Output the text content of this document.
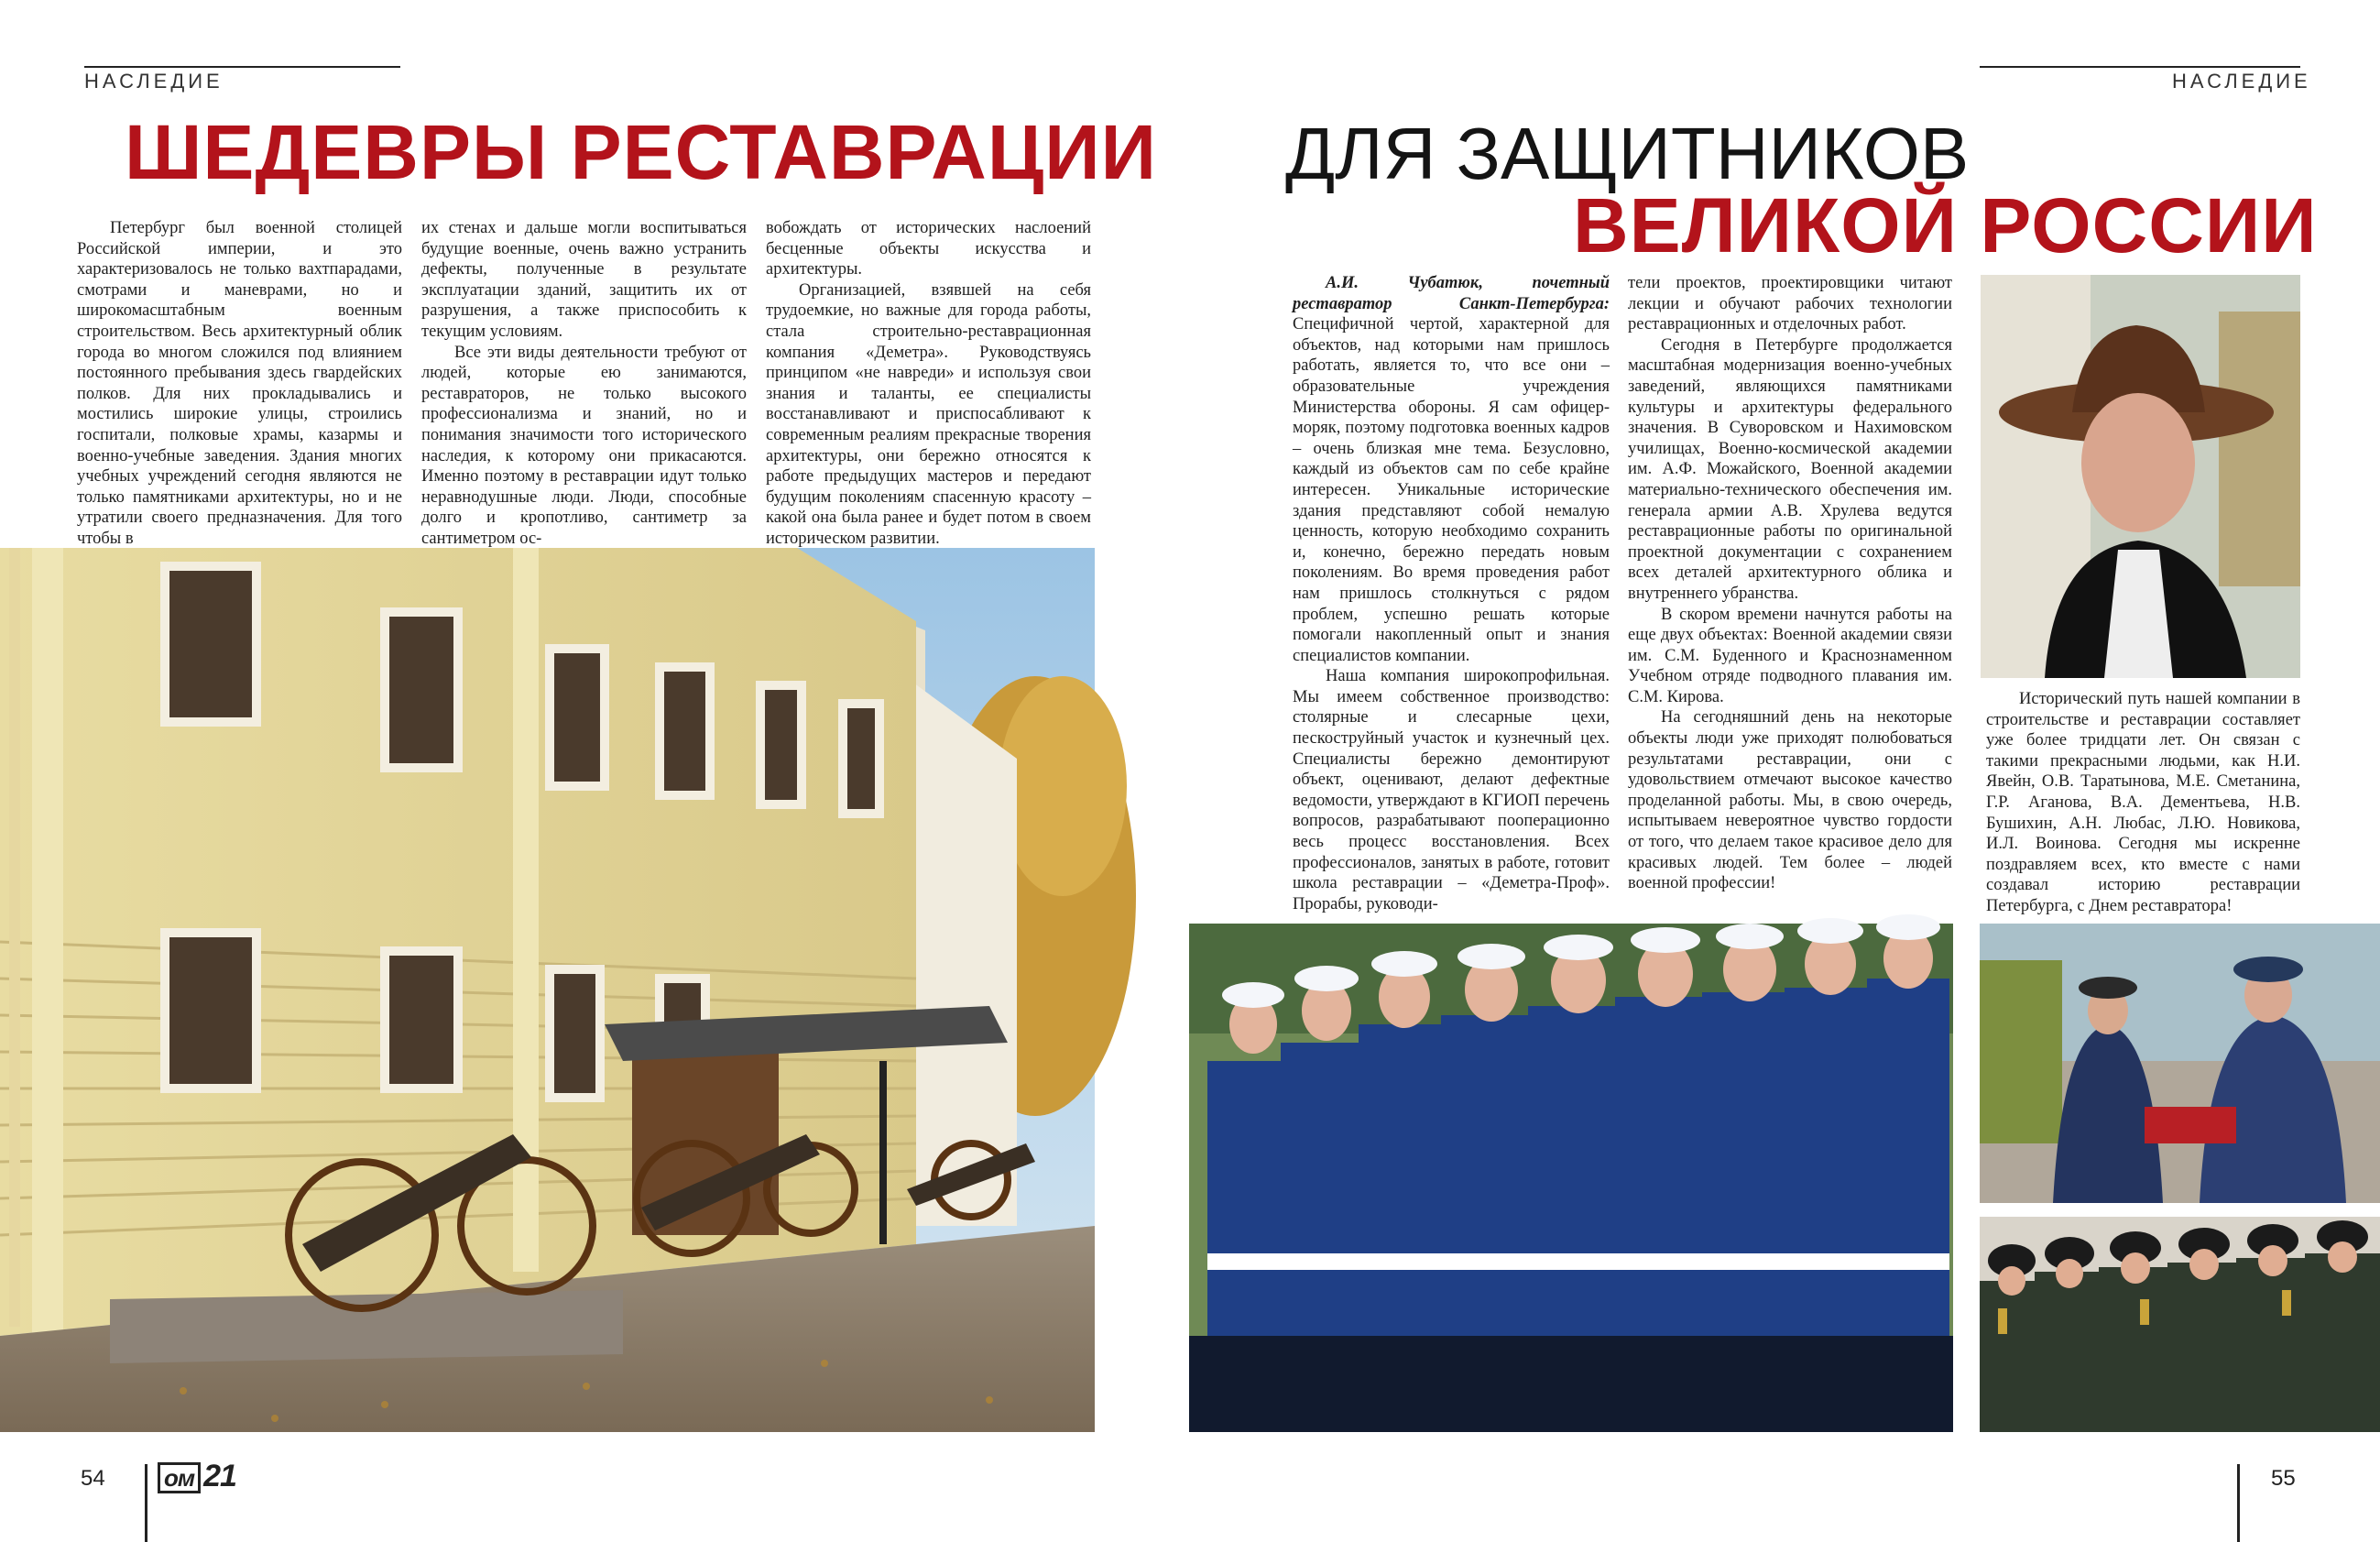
НАСЛЕДИЕ
ШЕДЕВРЫ РЕСТАВРАЦИИ

Петербург был военной столицей Российской империи, и это характеризовалось не только вахтпарадами, смотрами и маневрами, но и широкомасштабным военным строительством. Весь архитектурный облик города во многом сложился под влиянием постоянного пребывания здесь гвардейских полков. Для них прокладывались и мостились широкие улицы, строились госпитали, полковые храмы, казармы и военно-учебные заведения. Здания многих учебных учреждений сегодня являются не только памятниками архитектуры, но и не утратили своего предназначения. Для того чтобы в

их стенах и дальше могли воспитываться будущие военные, очень важно устранить дефекты, полученные в результате эксплуатации зданий, защитить их от разрушения, а также приспособить к текущим условиям.

Все эти виды деятельности требуют от людей, которые ею занимаются, реставраторов, не только высокого профессионализма и знаний, но и понимания значимости того исторического наследия, к которому они прикасаются. Именно поэтому в реставрации идут только неравнодушные люди. Люди, способные долго и кропотливо, сантиметр за сантиметром ос-

вобождать от исторических наслоений бесценные объекты искусства и архитектуры.

Организацией, взявшей на себя трудоемкие, но важные для города работы, стала строительно-реставрационная компания «Деметра». Руководствуясь принципом «не навреди» и используя свои знания и таланты, ее специалисты восстанавливают и приспосабливают к современным реалиям прекрасные творения архитектуры, они бережно относятся к работе предыдущих мастеров и передают будущим поколениям спасенную красоту – какой она была ранее и будет потом в своем историческом развитии.

54 ом 21
НАСЛЕДИЕ
ДЛЯ ЗАЩИТНИКОВ
ВЕЛИКОЙ РОССИИ

А.И. Чубатюк, почетный реставратор Санкт-Петербурга: Специфичной чертой, характерной для объектов, над которыми нам пришлось работать, является то, что все они – образовательные учреждения Министерства обороны. Я сам офицер-моряк, поэтому подготовка военных кадров – очень близкая мне тема. Безусловно, каждый из объектов сам по себе крайне интересен. Уникальные исторические здания представляют собой немалую ценность, которую необходимо сохранить и, конечно, бережно передать новым поколениям. Во время проведения работ нам пришлось столкнуться с рядом проблем, успешно решать которые помогали накопленный опыт и знания специалистов компании.

Наша компания широкопрофильная. Мы имеем собственное производство: столярные и слесарные цехи, пескоструйный участок и кузнечный цех. Специалисты бережно демонтируют объект, оценивают, делают дефектные ведомости, утверждают в КГИОП перечень вопросов, разрабатывают пооперационно весь процесс восстановления. Всех профессионалов, занятых в работе, готовит школа реставрации – «Деметра-Проф». Прорабы, руководи-

тели проектов, проектировщики читают лекции и обучают рабочих технологии реставрационных и отделочных работ.

Сегодня в Петербурге продолжается масштабная модернизация военно-учебных заведений, являющихся памятниками культуры и архитектуры федерального значения. В Суворовском и Нахимовском училищах, Военно-космической академии им. А.Ф. Можайского, Военной академии материально-технического обеспечения им. генерала армии А.В. Хрулева ведутся реставрационные работы по оригинальной проектной документации с сохранением всех деталей архитектурного облика и внутреннего убранства.

В скором времени начнутся работы на еще двух объектах: Военной академии связи им. С.М. Буденного и Краснознаменном Учебном отряде подводного плавания им. С.М. Кирова.

На сегодняшний день на некоторые объекты люди уже приходят полюбоваться результатами реставрации, они с удовольствием отмечают высокое качество проделанной работы. Мы, в свою очередь, испытываем невероятное чувство гордости от того, что делаем такое красивое дело для красивых людей. Тем более – людей военной профессии!

Исторический путь нашей компании в строительстве и реставрации составляет уже более тридцати лет. Он связан с такими прекрасными людьми, как Н.И. Явейн, О.В. Таратынова, М.Е. Сметанина, Г.Р. Аганова, В.А. Дементьева, Н.В. Бушихин, А.Н. Любас, Л.Ю. Новикова, И.Л. Воинова. Сегодня мы искренне поздравляем всех, кто вместе с нами создавал историю реставрации Петербурга, с Днем реставратора!

55
